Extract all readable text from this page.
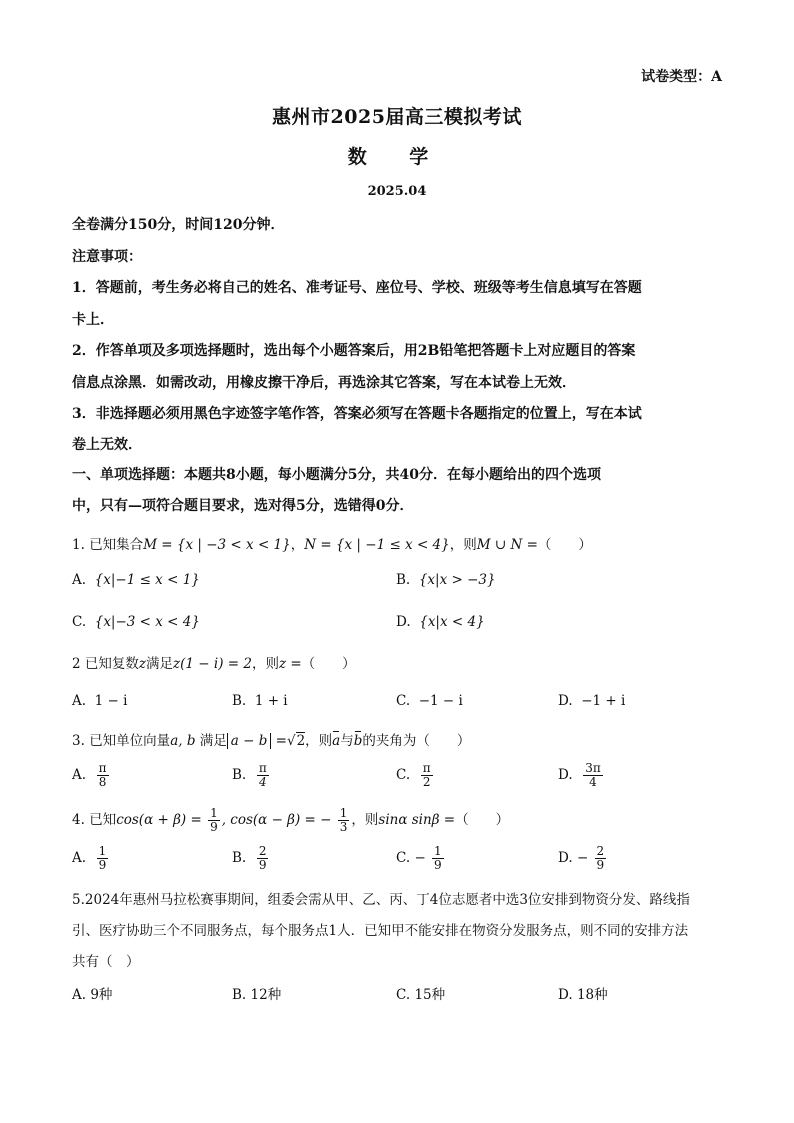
试卷类型：A
惠州市2025届高三模拟考试
数 学
2025.04
全卷满分150分，时间120分钟．
注意事项：
1．答题前，考生务必将自己的姓名、准考证号、座位号、学校、班级等考生信息填写在答题
卡上．
2．作答单项及多项选择题时，选出每个小题答案后，用2B铅笔把答题卡上对应题目的答案
信息点涂黑．如需改动，用橡皮擦干净后，再选涂其它答案，写在本试卷上无效．
3．非选择题必须用黑色字迹签字笔作答，答案必须写在答题卡各题指定的位置上，写在本试
卷上无效．
一、单项选择题：本题共8小题，每小题满分5分，共40分．在每小题给出的四个选项
中，只有—项符合题目要求，选对得5分，选错得0分．
1. 已知集合M = {x | −3 < x < 1}，N = {x | −1 ≤ x < 4}，则M ∪ N =（　　）
A. {x|−1 ≤ x < 1}	B. {x|x > −3}
C. {x|−3 < x < 4}	D. {x|x < 4}
2 已知复数z满足z(1 − i) = 2，则z =（　　）
A. 1 − i	B. 1 + i	C. −1 − i	D. −1 + i
3. 已知单位向量a, b 满足 a − b =√2，则a与b的夹角为（　　）
A. $\frac{\pi}{8}$	B. $\frac{\pi}{4}$	C. $\frac{\pi}{2}$	D. $\frac{3\pi}{4}$
4. 已知$\cos(\alpha + \beta) = \frac{1}{9}$ , cos(α − β) = − $\frac{1}{3}$ ，则sinα sinβ =（　　）
A. $\frac{1}{9}$	B. $\frac{2}{9}$	C. − $\frac{1}{9}$	D. − $\frac{2}{9}$
5.2024年惠州马拉松赛事期间，组委会需从甲、乙、丙、丁4位志愿者中选3位安排到物资分发、路线指
引、医疗协助三个不同服务点，每个服务点1人．已知甲不能安排在物资分发服务点，则不同的安排方法
共有（　）
A. 9种	B. 12种	C. 15种	D. 18种
